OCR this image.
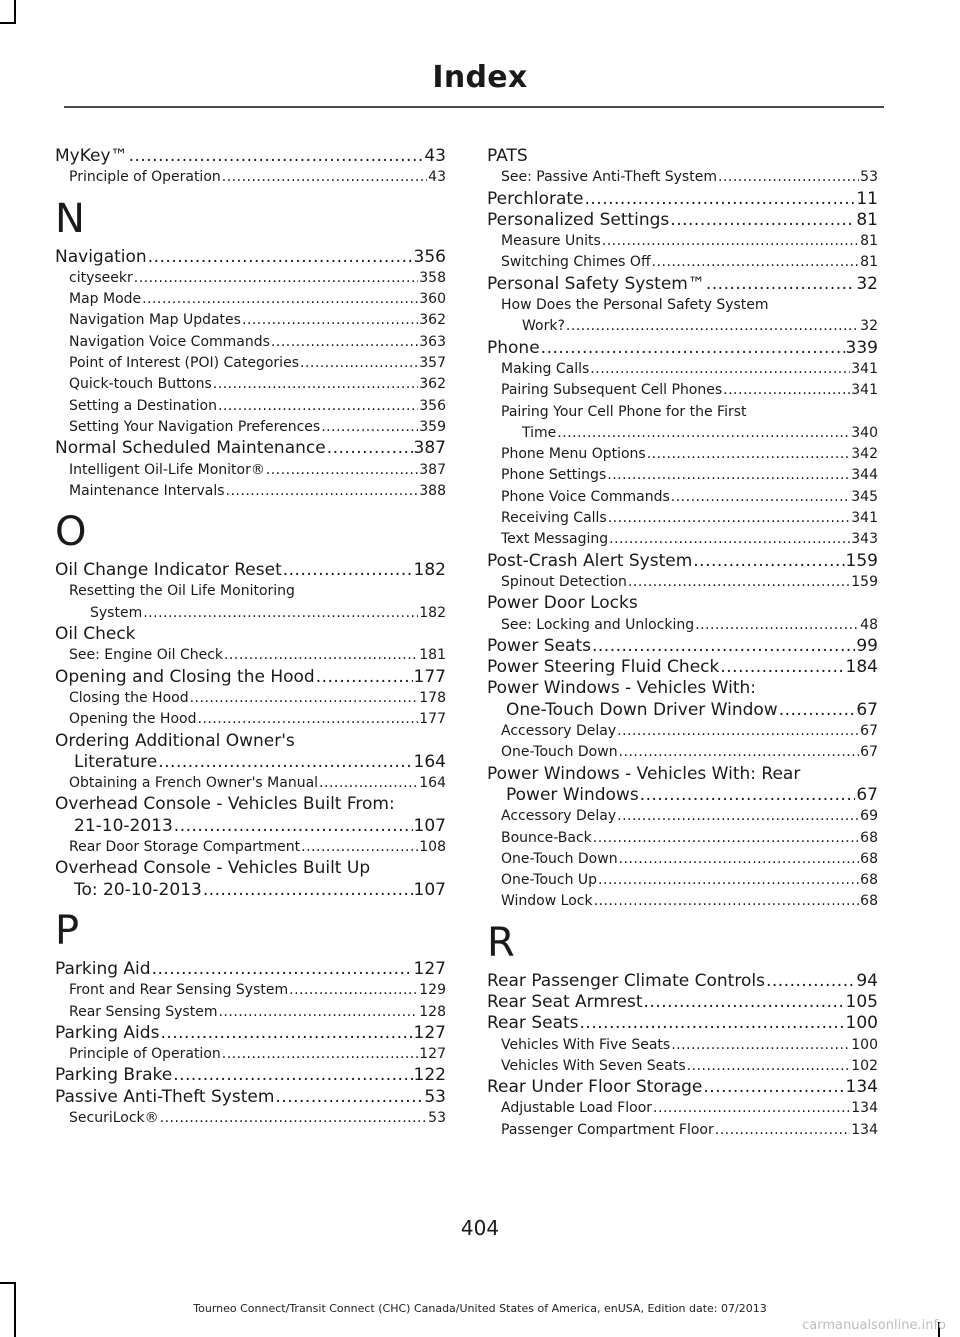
Index
MyKey™ .....	43
Principle of Operation .....	43
N
Navigation .....	356
cityseekr .....	358
Map Mode .....	360
Navigation Map Updates .....	362
Navigation Voice Commands .....	363
Point of Interest (POI) Categories .....	357
Quick-touch Buttons .....	362
Setting a Destination .....	356
Setting Your Navigation Preferences .....	359
Normal Scheduled Maintenance .....	387
Intelligent Oil-Life Monitor® .....	387
Maintenance Intervals .....	388
O
Oil Change Indicator Reset .....	182
Resetting the Oil Life Monitoring
System .....	182
Oil Check
See: Engine Oil Check .....	181
Opening and Closing the Hood .....	177
Closing the Hood .....	178
Opening the Hood .....	177
Ordering Additional Owner's
Literature .....	164
Obtaining a French Owner's Manual .....	164
Overhead Console - Vehicles Built From:
21-10-2013 .....	107
Rear Door Storage Compartment .....	108
Overhead Console - Vehicles Built Up
To: 20-10-2013 .....	107
P
Parking Aid .....	127
Front and Rear Sensing System .....	129
Rear Sensing System .....	128
Parking Aids .....	127
Principle of Operation .....	127
Parking Brake .....	122
Passive Anti-Theft System .....	53
SecuriLock® .....	53
PATS
See: Passive Anti-Theft System .....	53
Perchlorate .....	11
Personalized Settings .....	81
Measure Units .....	81
Switching Chimes Off .....	81
Personal Safety System™ .....	32
How Does the Personal Safety System
Work? .....	32
Phone .....	339
Making Calls .....	341
Pairing Subsequent Cell Phones .....	341
Pairing Your Cell Phone for the First
Time .....	340
Phone Menu Options .....	342
Phone Settings .....	344
Phone Voice Commands .....	345
Receiving Calls .....	341
Text Messaging .....	343
Post-Crash Alert System .....	159
Spinout Detection .....	159
Power Door Locks
See: Locking and Unlocking .....	48
Power Seats .....	99
Power Steering Fluid Check .....	184
Power Windows - Vehicles With:
One-Touch Down Driver Window .....	67
Accessory Delay .....	67
One-Touch Down .....	67
Power Windows - Vehicles With: Rear
Power Windows .....	67
Accessory Delay .....	69
Bounce-Back .....	68
One-Touch Down .....	68
One-Touch Up .....	68
Window Lock .....	68
R
Rear Passenger Climate Controls .....	94
Rear Seat Armrest .....	105
Rear Seats .....	100
Vehicles With Five Seats .....	100
Vehicles With Seven Seats .....	102
Rear Under Floor Storage .....	134
Adjustable Load Floor .....	134
Passenger Compartment Floor .....	134
404
Tourneo Connect/Transit Connect (CHC) Canada/United States of America, enUSA, Edition date: 07/2013
carmanualsonline.info
